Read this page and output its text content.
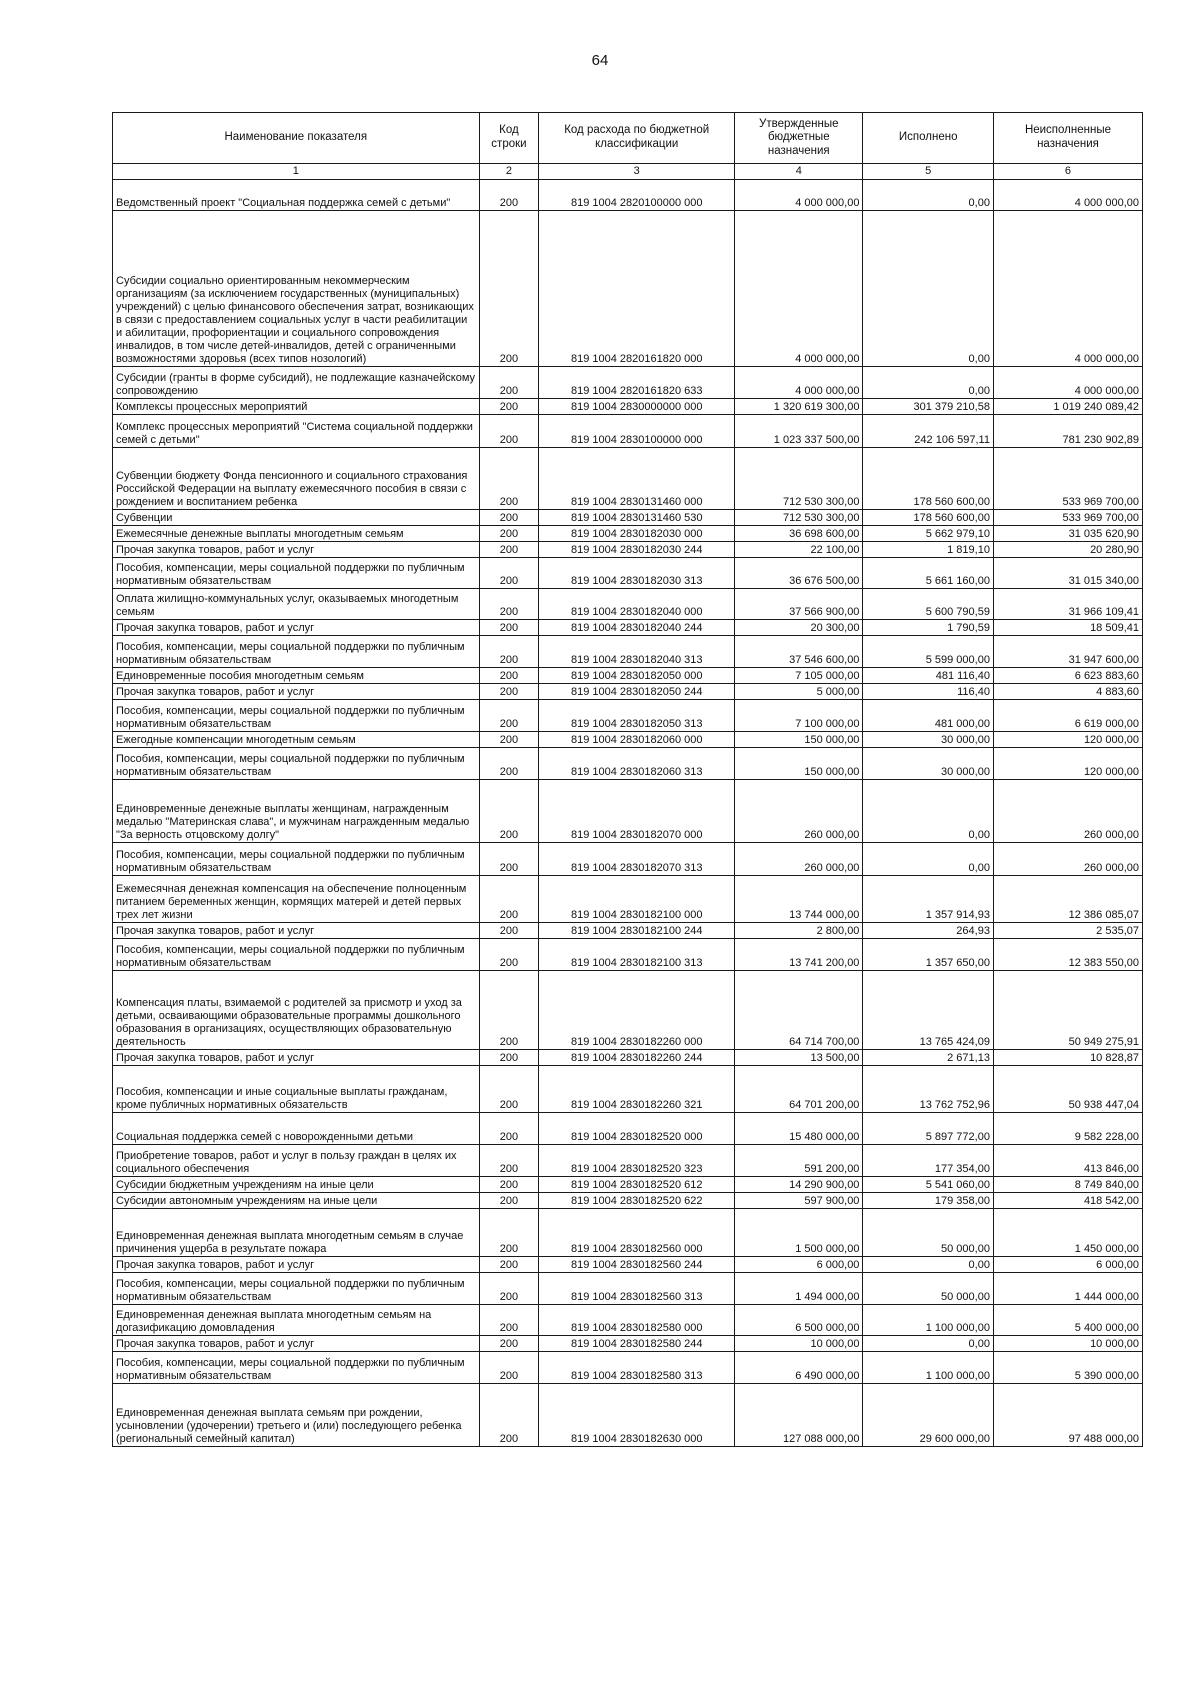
64
Наименование показателя	Код строки	Код расхода по бюджетной классификации	Утвержденные бюджетные назначения	Исполнено	Неисполненные назначения
1	2	3	4	5	6
Ведомственный проект "Социальная поддержка семей с детьми"	200	819 1004 2820100000 000	4 000 000,00	0,00	4 000 000,00
Субсидии социально ориентированным некоммерческим организациям (за исключением государственных (муниципальных) учреждений) с целью финансового обеспечения затрат, возникающих в связи с предоставлением социальных услуг в части реабилитации и абилитации, профориентации и социального сопровождения инвалидов, в том числе детей-инвалидов, детей с ограниченными возможностями здоровья (всех типов нозологий)	200	819 1004 2820161820 000	4 000 000,00	0,00	4 000 000,00
Субсидии (гранты в форме субсидий), не подлежащие казначейскому сопровождению	200	819 1004 2820161820 633	4 000 000,00	0,00	4 000 000,00
Комплексы процессных мероприятий	200	819 1004 2830000000 000	1 320 619 300,00	301 379 210,58	1 019 240 089,42
Комплекс процессных мероприятий "Система социальной поддержки семей с детьми"	200	819 1004 2830100000 000	1 023 337 500,00	242 106 597,11	781 230 902,89
Субвенции бюджету Фонда пенсионного и социального страхования Российской Федерации на выплату ежемесячного пособия в связи с рождением и воспитанием ребенка	200	819 1004 2830131460 000	712 530 300,00	178 560 600,00	533 969 700,00
Субвенции	200	819 1004 2830131460 530	712 530 300,00	178 560 600,00	533 969 700,00
Ежемесячные денежные выплаты многодетным семьям	200	819 1004 2830182030 000	36 698 600,00	5 662 979,10	31 035 620,90
Прочая закупка товаров, работ и услуг	200	819 1004 2830182030 244	22 100,00	1 819,10	20 280,90
Пособия, компенсации, меры социальной поддержки по публичным нормативным обязательствам	200	819 1004 2830182030 313	36 676 500,00	5 661 160,00	31 015 340,00
Оплата жилищно-коммунальных услуг, оказываемых многодетным семьям	200	819 1004 2830182040 000	37 566 900,00	5 600 790,59	31 966 109,41
Прочая закупка товаров, работ и услуг	200	819 1004 2830182040 244	20 300,00	1 790,59	18 509,41
Пособия, компенсации, меры социальной поддержки по публичным нормативным обязательствам	200	819 1004 2830182040 313	37 546 600,00	5 599 000,00	31 947 600,00
Единовременные пособия многодетным семьям	200	819 1004 2830182050 000	7 105 000,00	481 116,40	6 623 883,60
Прочая закупка товаров, работ и услуг	200	819 1004 2830182050 244	5 000,00	116,40	4 883,60
Пособия, компенсации, меры социальной поддержки по публичным нормативным обязательствам	200	819 1004 2830182050 313	7 100 000,00	481 000,00	6 619 000,00
Ежегодные компенсации многодетным семьям	200	819 1004 2830182060 000	150 000,00	30 000,00	120 000,00
Пособия, компенсации, меры социальной поддержки по публичным нормативным обязательствам	200	819 1004 2830182060 313	150 000,00	30 000,00	120 000,00
Единовременные денежные выплаты женщинам, награжденным медалью "Материнская слава", и мужчинам награжденным медалью "За верность отцовскому долгу"	200	819 1004 2830182070 000	260 000,00	0,00	260 000,00
Пособия, компенсации, меры социальной поддержки по публичным нормативным обязательствам	200	819 1004 2830182070 313	260 000,00	0,00	260 000,00
Ежемесячная денежная компенсация на обеспечение полноценным питанием беременных женщин, кормящих матерей и детей первых трех лет жизни	200	819 1004 2830182100 000	13 744 000,00	1 357 914,93	12 386 085,07
Прочая закупка товаров, работ и услуг	200	819 1004 2830182100 244	2 800,00	264,93	2 535,07
Пособия, компенсации, меры социальной поддержки по публичным нормативным обязательствам	200	819 1004 2830182100 313	13 741 200,00	1 357 650,00	12 383 550,00
Компенсация платы, взимаемой с родителей за присмотр и уход за детьми, осваивающими образовательные программы дошкольного образования в организациях, осуществляющих образовательную деятельность	200	819 1004 2830182260 000	64 714 700,00	13 765 424,09	50 949 275,91
Прочая закупка товаров, работ и услуг	200	819 1004 2830182260 244	13 500,00	2 671,13	10 828,87
Пособия, компенсации и иные социальные выплаты гражданам, кроме публичных нормативных обязательств	200	819 1004 2830182260 321	64 701 200,00	13 762 752,96	50 938 447,04
Социальная поддержка семей с новорожденными детьми	200	819 1004 2830182520 000	15 480 000,00	5 897 772,00	9 582 228,00
Приобретение товаров, работ и услуг в пользу граждан в целях их социального обеспечения	200	819 1004 2830182520 323	591 200,00	177 354,00	413 846,00
Субсидии бюджетным учреждениям на иные цели	200	819 1004 2830182520 612	14 290 900,00	5 541 060,00	8 749 840,00
Субсидии автономным учреждениям на иные цели	200	819 1004 2830182520 622	597 900,00	179 358,00	418 542,00
Единовременная денежная выплата многодетным семьям в случае причинения ущерба в результате пожара	200	819 1004 2830182560 000	1 500 000,00	50 000,00	1 450 000,00
Прочая закупка товаров, работ и услуг	200	819 1004 2830182560 244	6 000,00	0,00	6 000,00
Пособия, компенсации, меры социальной поддержки по публичным нормативным обязательствам	200	819 1004 2830182560 313	1 494 000,00	50 000,00	1 444 000,00
Единовременная денежная выплата многодетным семьям на догазификацию домовладения	200	819 1004 2830182580 000	6 500 000,00	1 100 000,00	5 400 000,00
Прочая закупка товаров, работ и услуг	200	819 1004 2830182580 244	10 000,00	0,00	10 000,00
Пособия, компенсации, меры социальной поддержки по публичным нормативным обязательствам	200	819 1004 2830182580 313	6 490 000,00	1 100 000,00	5 390 000,00
Единовременная денежная выплата семьям при рождении, усыновлении (удочерении) третьего и (или) последующего ребенка (региональный семейный капитал)	200	819 1004 2830182630 000	127 088 000,00	29 600 000,00	97 488 000,00
